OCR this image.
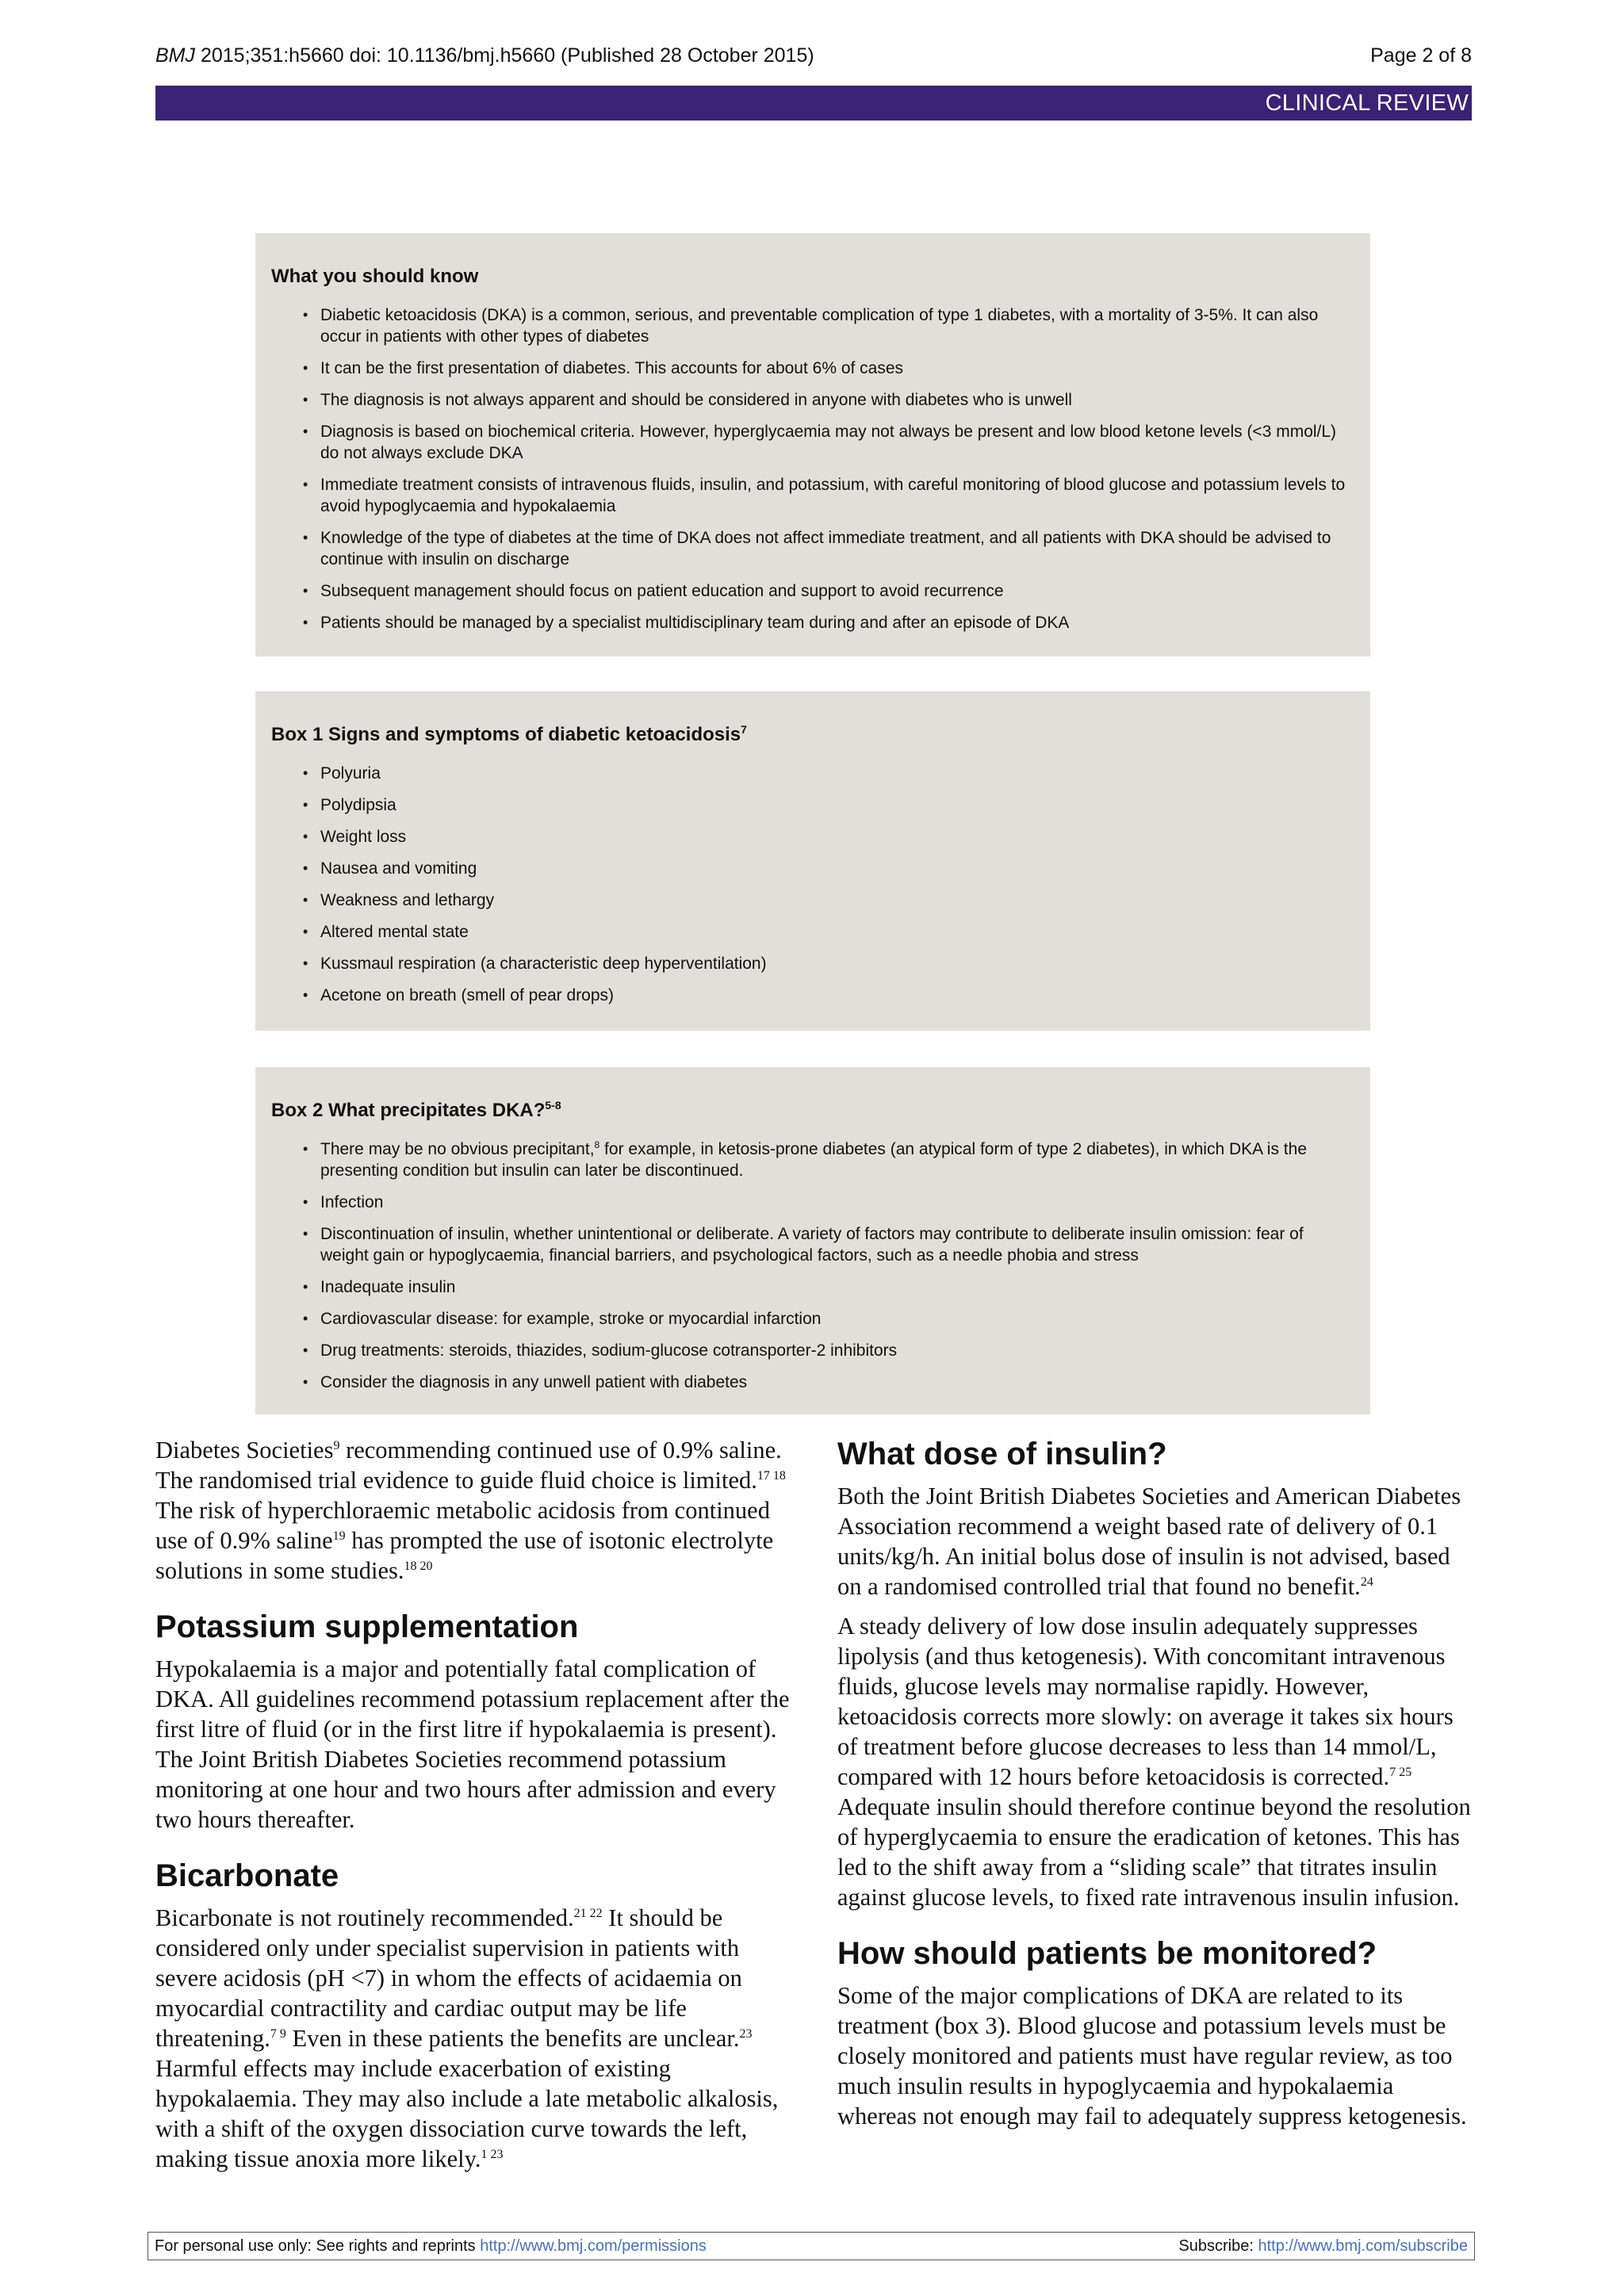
BMJ 2015;351:h5660 doi: 10.1136/bmj.h5660 (Published 28 October 2015)	Page 2 of 8
CLINICAL REVIEW
What you should know
• Diabetic ketoacidosis (DKA) is a common, serious, and preventable complication of type 1 diabetes, with a mortality of 3-5%. It can also occur in patients with other types of diabetes
• It can be the first presentation of diabetes. This accounts for about 6% of cases
• The diagnosis is not always apparent and should be considered in anyone with diabetes who is unwell
• Diagnosis is based on biochemical criteria. However, hyperglycaemia may not always be present and low blood ketone levels (<3 mmol/L) do not always exclude DKA
• Immediate treatment consists of intravenous fluids, insulin, and potassium, with careful monitoring of blood glucose and potassium levels to avoid hypoglycaemia and hypokalaemia
• Knowledge of the type of diabetes at the time of DKA does not affect immediate treatment, and all patients with DKA should be advised to continue with insulin on discharge
• Subsequent management should focus on patient education and support to avoid recurrence
• Patients should be managed by a specialist multidisciplinary team during and after an episode of DKA
Box 1 Signs and symptoms of diabetic ketoacidosis$^7$
• Polyuria
• Polydipsia
• Weight loss
• Nausea and vomiting
• Weakness and lethargy
• Altered mental state
• Kussmaul respiration (a characteristic deep hyperventilation)
• Acetone on breath (smell of pear drops)
Box 2 What precipitates DKA?$^{5-8}$
• There may be no obvious precipitant,$^8$ for example, in ketosis-prone diabetes (an atypical form of type 2 diabetes), in which DKA is the presenting condition but insulin can later be discontinued.
• Infection
• Discontinuation of insulin, whether unintentional or deliberate. A variety of factors may contribute to deliberate insulin omission: fear of weight gain or hypoglycaemia, financial barriers, and psychological factors, such as a needle phobia and stress
• Inadequate insulin
• Cardiovascular disease: for example, stroke or myocardial infarction
• Drug treatments: steroids, thiazides, sodium-glucose cotransporter-2 inhibitors
• Consider the diagnosis in any unwell patient with diabetes

Diabetes Societies$^9$ recommending continued use of 0.9% saline. The randomised trial evidence to guide fluid choice is limited.$^{17 18}$ The risk of hyperchloraemic metabolic acidosis from continued use of 0.9% saline$^{19}$ has prompted the use of isotonic electrolyte solutions in some studies.$^{18 20}$

Potassium supplementation

Hypokalaemia is a major and potentially fatal complication of DKA. All guidelines recommend potassium replacement after the first litre of fluid (or in the first litre if hypokalaemia is present). The Joint British Diabetes Societies recommend potassium monitoring at one hour and two hours after admission and every two hours thereafter.

Bicarbonate

Bicarbonate is not routinely recommended.$^{21 22}$ It should be considered only under specialist supervision in patients with severe acidosis (pH <7) in whom the effects of acidaemia on myocardial contractility and cardiac output may be life threatening.$^{7 9}$ Even in these patients the benefits are unclear.$^{23}$ Harmful effects may include exacerbation of existing hypokalaemia. They may also include a late metabolic alkalosis, with a shift of the oxygen dissociation curve towards the left, making tissue anoxia more likely.$^{1 23}$

What dose of insulin?

Both the Joint British Diabetes Societies and American Diabetes Association recommend a weight based rate of delivery of 0.1 units/kg/h. An initial bolus dose of insulin is not advised, based on a randomised controlled trial that found no benefit.$^{24}$

A steady delivery of low dose insulin adequately suppresses lipolysis (and thus ketogenesis). With concomitant intravenous fluids, glucose levels may normalise rapidly. However, ketoacidosis corrects more slowly: on average it takes six hours of treatment before glucose decreases to less than 14 mmol/L, compared with 12 hours before ketoacidosis is corrected.$^{7 25}$ Adequate insulin should therefore continue beyond the resolution of hyperglycaemia to ensure the eradication of ketones. This has led to the shift away from a “sliding scale” that titrates insulin against glucose levels, to fixed rate intravenous insulin infusion.

How should patients be monitored?

Some of the major complications of DKA are related to its treatment (box 3). Blood glucose and potassium levels must be closely monitored and patients must have regular review, as too much insulin results in hypoglycaemia and hypokalaemia whereas not enough may fail to adequately suppress ketogenesis.

For personal use only: See rights and reprints http://www.bmj.com/permissions	Subscribe: http://www.bmj.com/subscribe
